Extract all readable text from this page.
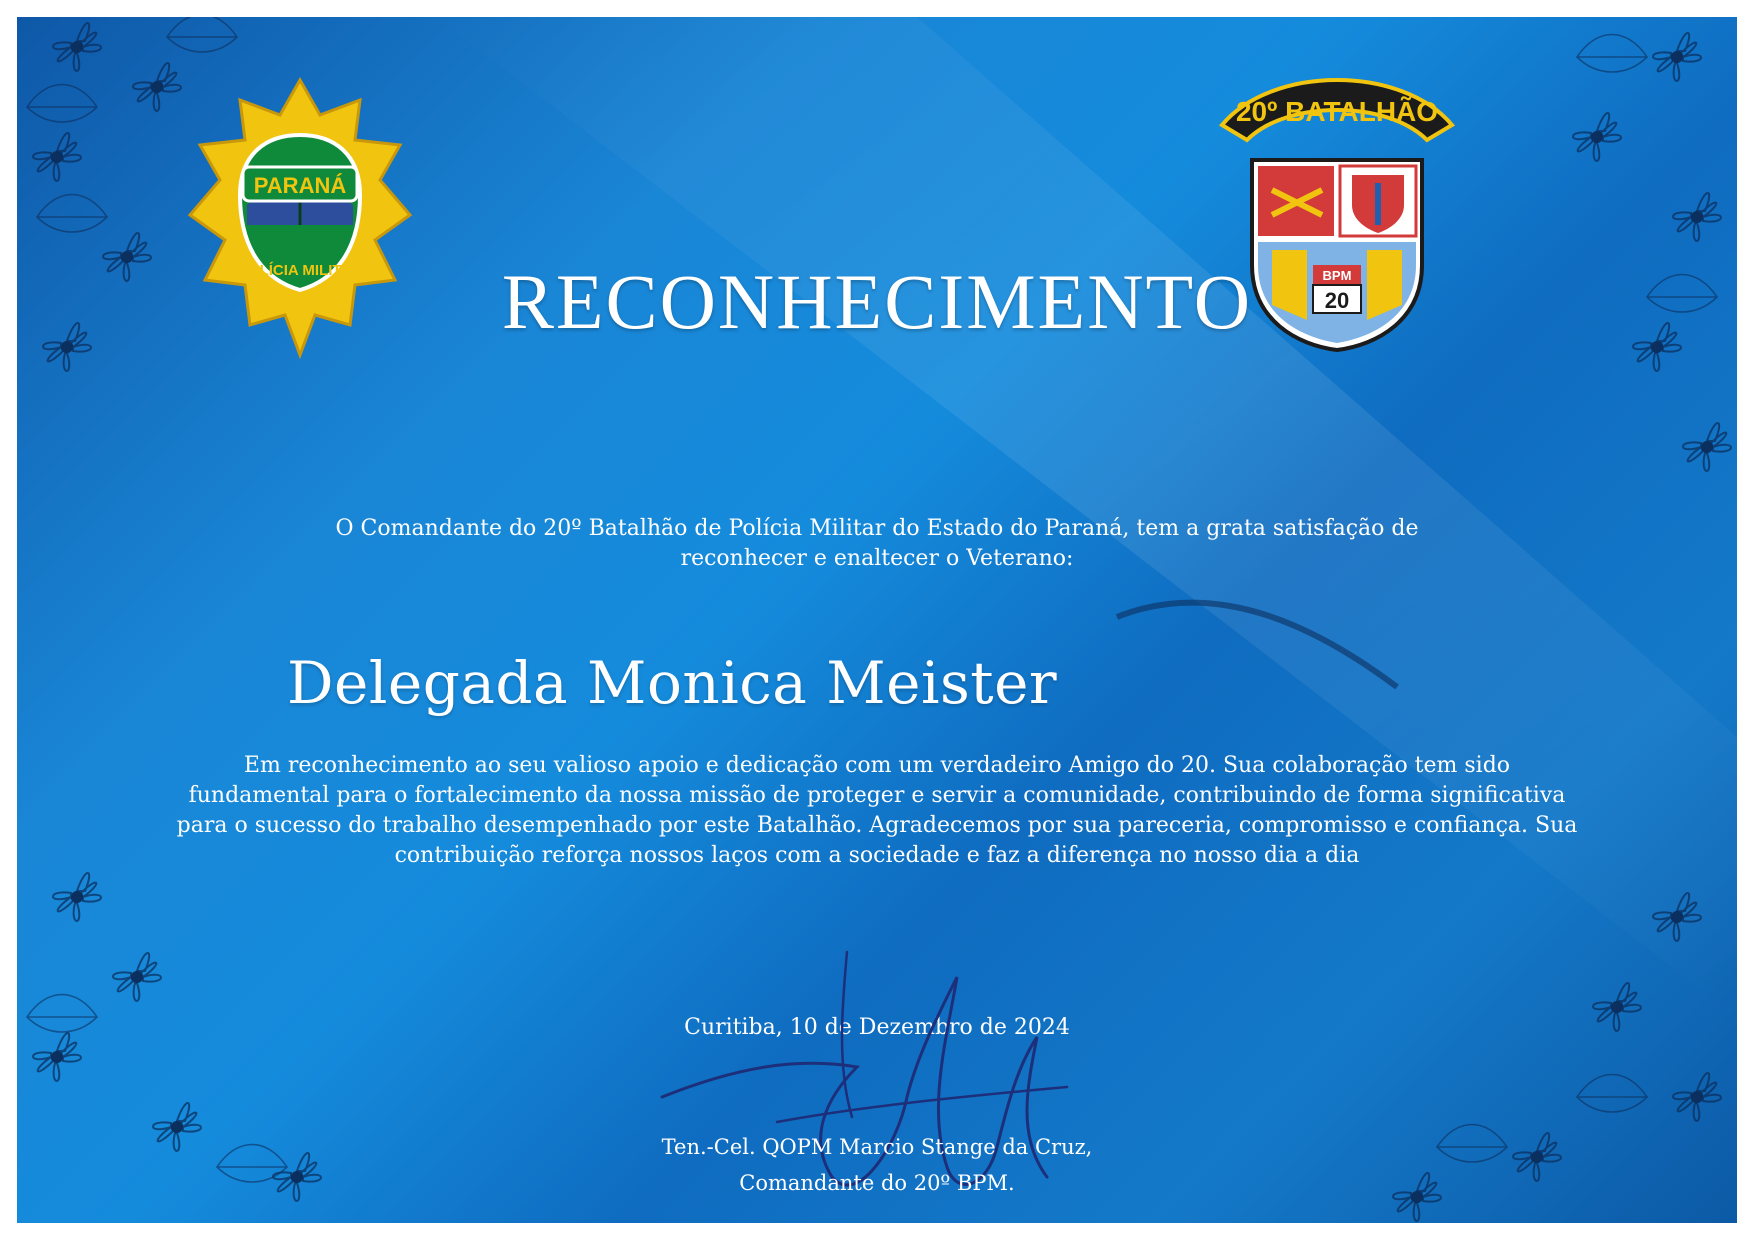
PARANÁ
POLÍCIA MILITAR
20º BATALHÃO
BPM
20
RECONHECIMENTO
O Comandante do 20º Batalhão de Polícia Militar do Estado do Paraná, tem a grata satisfação de
reconhecer e enaltecer o Veterano:
Delegada Monica Meister
Em reconhecimento ao seu valioso apoio e dedicação com um verdadeiro Amigo do 20. Sua colaboração tem sido
fundamental para o fortalecimento da nossa missão de proteger e servir a comunidade, contribuindo de forma significativa
para o sucesso do trabalho desempenhado por este Batalhão. Agradecemos por sua pareceria, compromisso e confiança. Sua
contribuição reforça nossos laços com a sociedade e faz a diferença no nosso dia a dia
Curitiba, 10 de Dezembro de 2024
Ten.-Cel. QOPM Marcio Stange da Cruz,
Comandante do 20º BPM.
